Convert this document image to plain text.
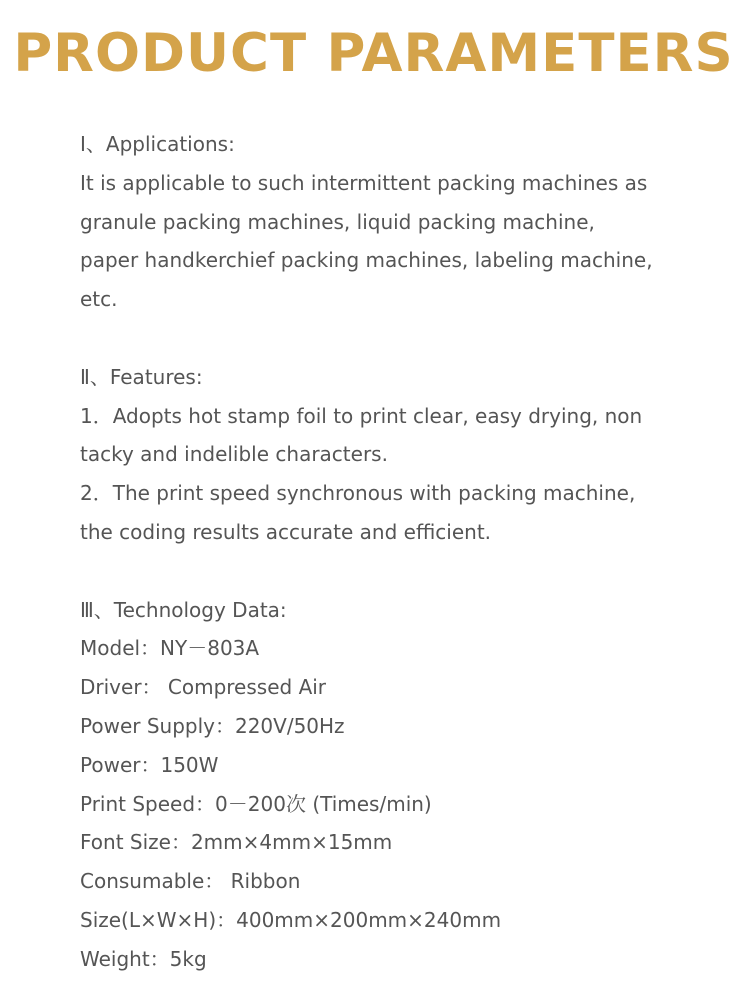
PRODUCT PARAMETERS
Ⅰ、Applications:
It is applicable to such intermittent packing machines as
granule packing machines, liquid packing machine,
paper handkerchief packing machines, labeling machine,
etc.
Ⅱ、Features:
1．Adopts hot stamp foil to print clear, easy drying, non
tacky and indelible characters.
2．The print speed synchronous with packing machine,
the coding results accurate and efficient.
Ⅲ、Technology Data:
Model：NY－803A
Driver： Compressed Air
Power Supply：220V/50Hz
Power：150W
Print Speed：0－200次 (Times/min)
Font Size：2mm×4mm×15mm
Consumable： Ribbon
Size(L×W×H)：400mm×200mm×240mm
Weight：5kg
